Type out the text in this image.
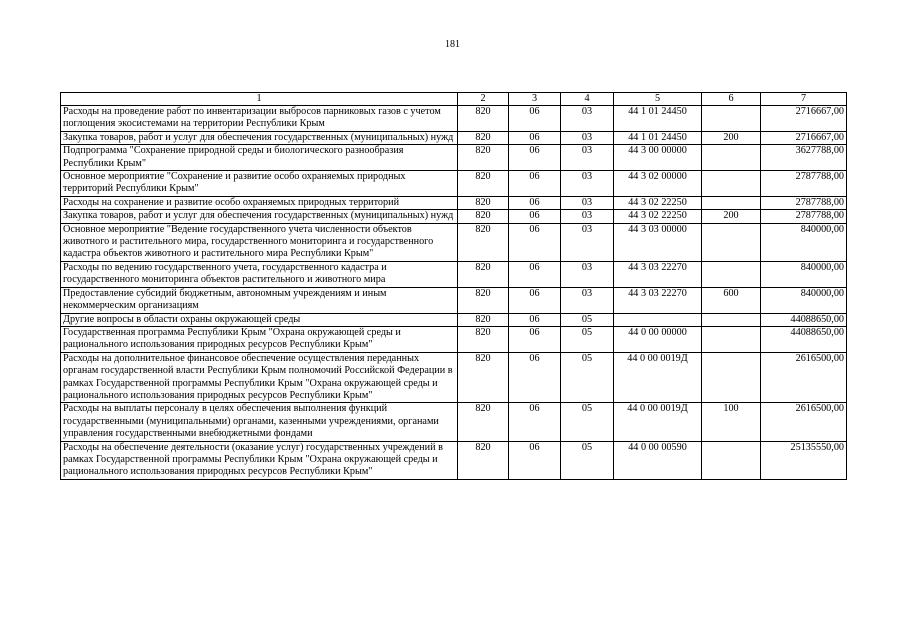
181
1	2	3	4	5	6	7
Расходы на проведение работ по инвентаризации выбросов парниковых газов с учетом поглощения экосистемами на территории Республики Крым	820	06	03	44 1 01 24450		2716667,00
Закупка товаров, работ и услуг для обеспечения государственных (муниципальных) нужд	820	06	03	44 1 01 24450	200	2716667,00
Подпрограмма "Сохранение природной среды и биологического разнообразия Республики Крым"	820	06	03	44 3 00 00000		3627788,00
Основное мероприятие "Сохранение и развитие особо охраняемых природных территорий Республики Крым"	820	06	03	44 3 02 00000		2787788,00
Расходы на сохранение и развитие особо охраняемых природных территорий	820	06	03	44 3 02 22250		2787788,00
Закупка товаров, работ и услуг для обеспечения государственных (муниципальных) нужд	820	06	03	44 3 02 22250	200	2787788,00
Основное мероприятие "Ведение государственного учета численности объектов животного и растительного мира, государственного мониторинга и государственного кадастра объектов животного и растительного мира Республики Крым"	820	06	03	44 3 03 00000		840000,00
Расходы по ведению государственного учета, государственного кадастра и государственного мониторинга объектов растительного и животного мира	820	06	03	44 3 03 22270		840000,00
Предоставление субсидий бюджетным, автономным учреждениям и иным некоммерческим организациям	820	06	03	44 3 03 22270	600	840000,00
Другие вопросы в области охраны окружающей среды	820	06	05			44088650,00
Государственная программа Республики Крым "Охрана окружающей среды и рационального использования природных ресурсов Республики Крым"	820	06	05	44 0 00 00000		44088650,00
Расходы на дополнительное финансовое обеспечение осуществления переданных органам государственной власти Республики Крым полномочий Российской Федерации в рамках Государственной программы Республики Крым "Охрана окружающей среды и рационального использования природных ресурсов Республики Крым"	820	06	05	44 0 00 0019Д		2616500,00
Расходы на выплаты персоналу в целях обеспечения выполнения функций государственными (муниципальными) органами, казенными учреждениями, органами управления государственными внебюджетными фондами	820	06	05	44 0 00 0019Д	100	2616500,00
Расходы на обеспечение деятельности (оказание услуг) государственных учреждений в рамках Государственной программы Республики Крым "Охрана окружающей среды и рационального использования природных ресурсов Республики Крым"	820	06	05	44 0 00 00590		25135550,00
